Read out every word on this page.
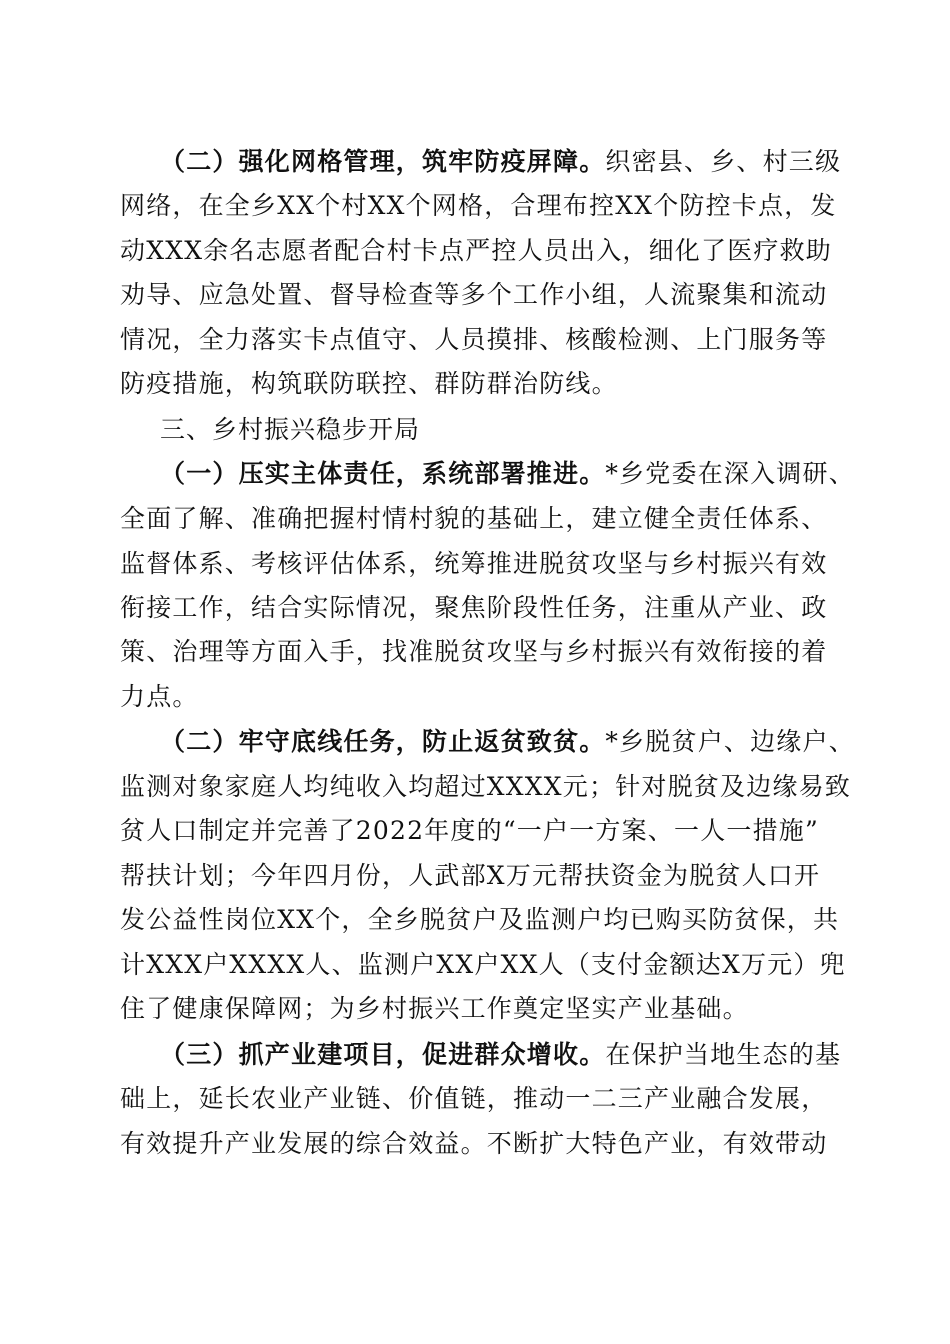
（二）强化网格管理，筑牢防疫屏障。织密县、乡、村三级
网络，在全乡XX个村XX个网格，合理布控XX个防控卡点，发
动XXX余名志愿者配合村卡点严控人员出入，细化了医疗救助
劝导、应急处置、督导检查等多个工作小组，人流聚集和流动
情况，全力落实卡点值守、人员摸排、核酸检测、上门服务等
防疫措施，构筑联防联控、群防群治防线。
三、乡村振兴稳步开局
（一）压实主体责任，系统部署推进。*乡党委在深入调研、
全面了解、准确把握村情村貌的基础上，建立健全责任体系、
监督体系、考核评估体系，统筹推进脱贫攻坚与乡村振兴有效
衔接工作，结合实际情况，聚焦阶段性任务，注重从产业、政
策、治理等方面入手，找准脱贫攻坚与乡村振兴有效衔接的着
力点。
（二）牢守底线任务，防止返贫致贫。*乡脱贫户、边缘户、
监测对象家庭人均纯收入均超过XXXX元；针对脱贫及边缘易致
贫人口制定并完善了2022年度的“一户一方案、一人一措施”
帮扶计划；今年四月份，人武部X万元帮扶资金为脱贫人口开
发公益性岗位XX个，全乡脱贫户及监测户均已购买防贫保，共
计XXX户XXXX人、监测户XX户XX人（支付金额达X万元）兜
住了健康保障网；为乡村振兴工作奠定坚实产业基础。
（三）抓产业建项目，促进群众增收。在保护当地生态的基
础上，延长农业产业链、价值链，推动一二三产业融合发展，
有效提升产业发展的综合效益。不断扩大特色产业，有效带动
